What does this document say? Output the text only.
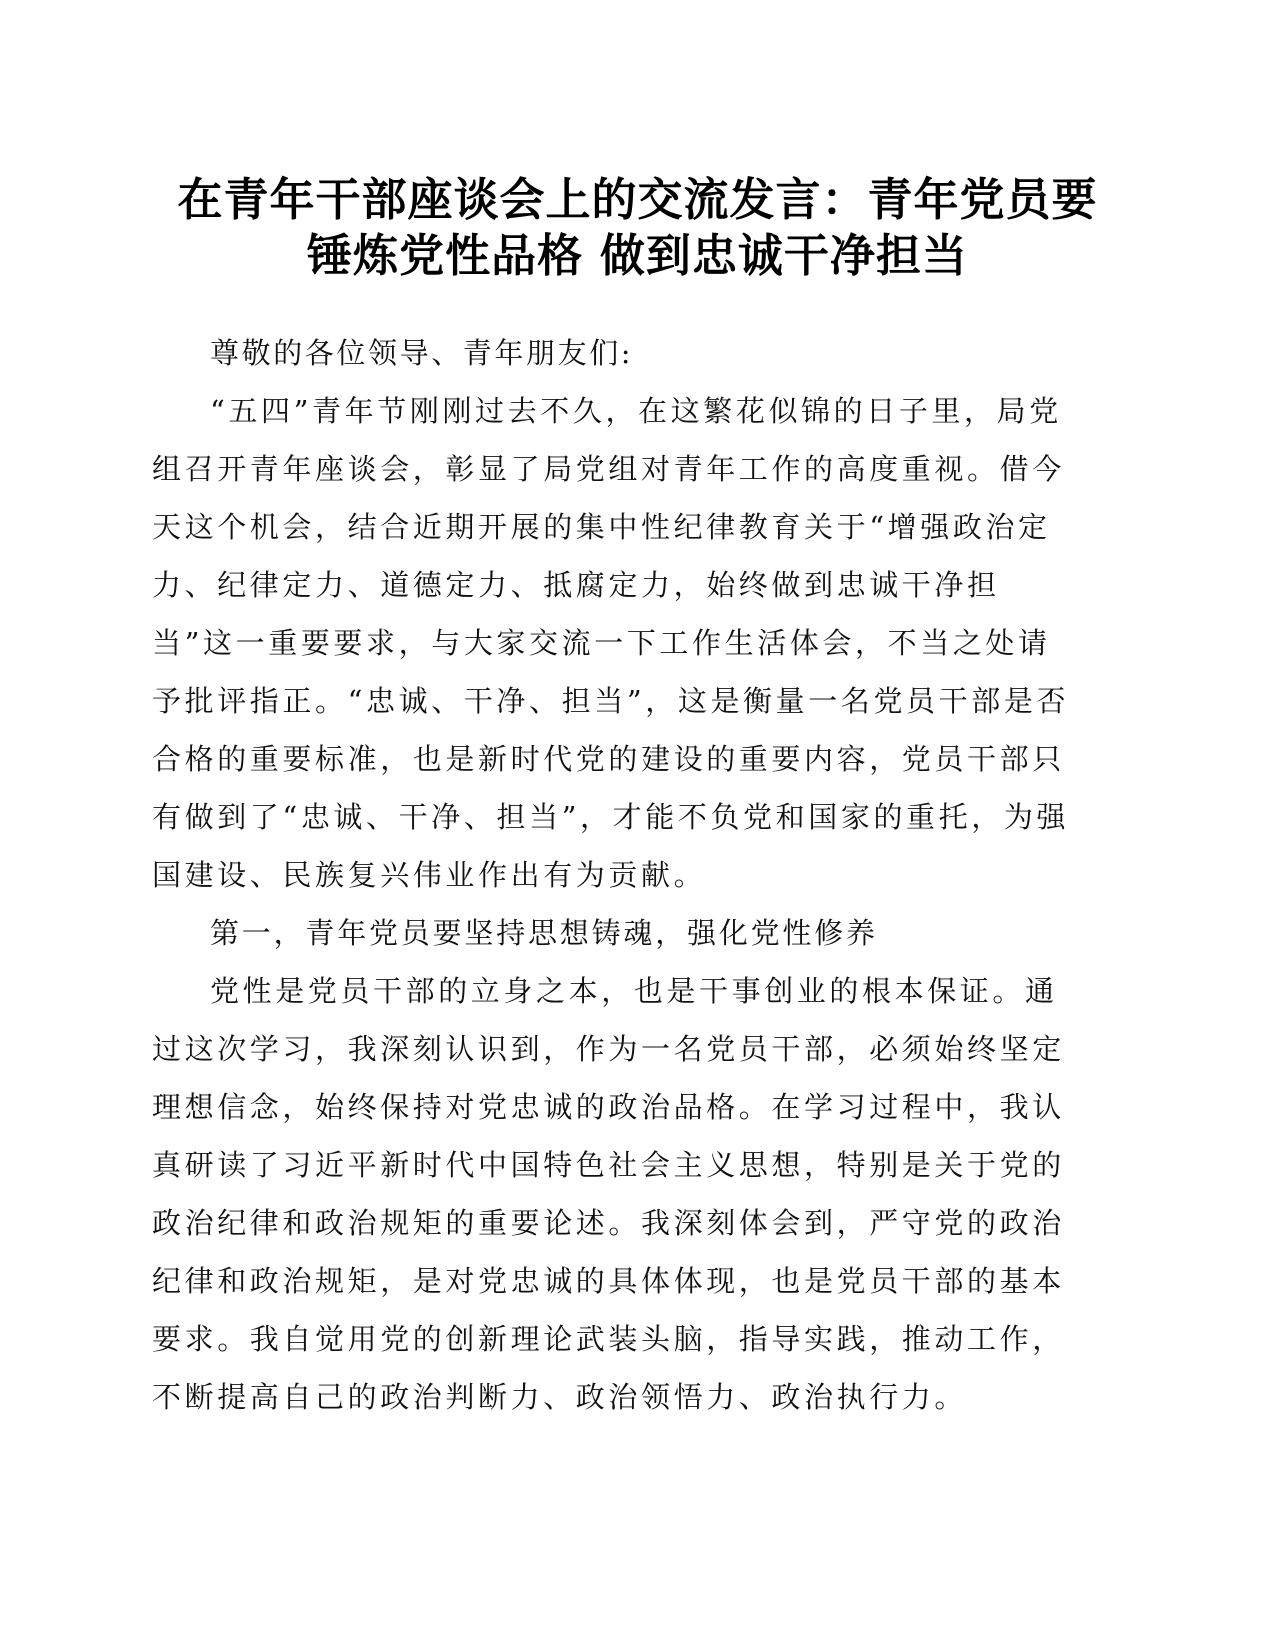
在青年干部座谈会上的交流发言：青年党员要
锤炼党性品格 做到忠诚干净担当

尊敬的各位领导、青年朋友们:

“五四”青年节刚刚过去不久，在这繁花似锦的日子里，局党组召开青年座谈会，彰显了局党组对青年工作的高度重视。借今天这个机会，结合近期开展的集中性纪律教育关于“增强政治定力、纪律定力、道德定力、抵腐定力，始终做到忠诚干净担当”这一重要要求，与大家交流一下工作生活体会，不当之处请予批评指正。“忠诚、干净、担当”，这是衡量一名党员干部是否合格的重要标准，也是新时代党的建设的重要内容，党员干部只有做到了“忠诚、干净、担当”，才能不负党和国家的重托，为强国建设、民族复兴伟业作出有为贡献。

第一，青年党员要坚持思想铸魂，强化党性修养

党性是党员干部的立身之本，也是干事创业的根本保证。通过这次学习，我深刻认识到，作为一名党员干部，必须始终坚定理想信念，始终保持对党忠诚的政治品格。在学习过程中，我认真研读了习近平新时代中国特色社会主义思想，特别是关于党的政治纪律和政治规矩的重要论述。我深刻体会到，严守党的政治纪律和政治规矩，是对党忠诚的具体体现，也是党员干部的基本要求。我自觉用党的创新理论武装头脑，指导实践，推动工作，不断提高自己的政治判断力、政治领悟力、政治执行力。
